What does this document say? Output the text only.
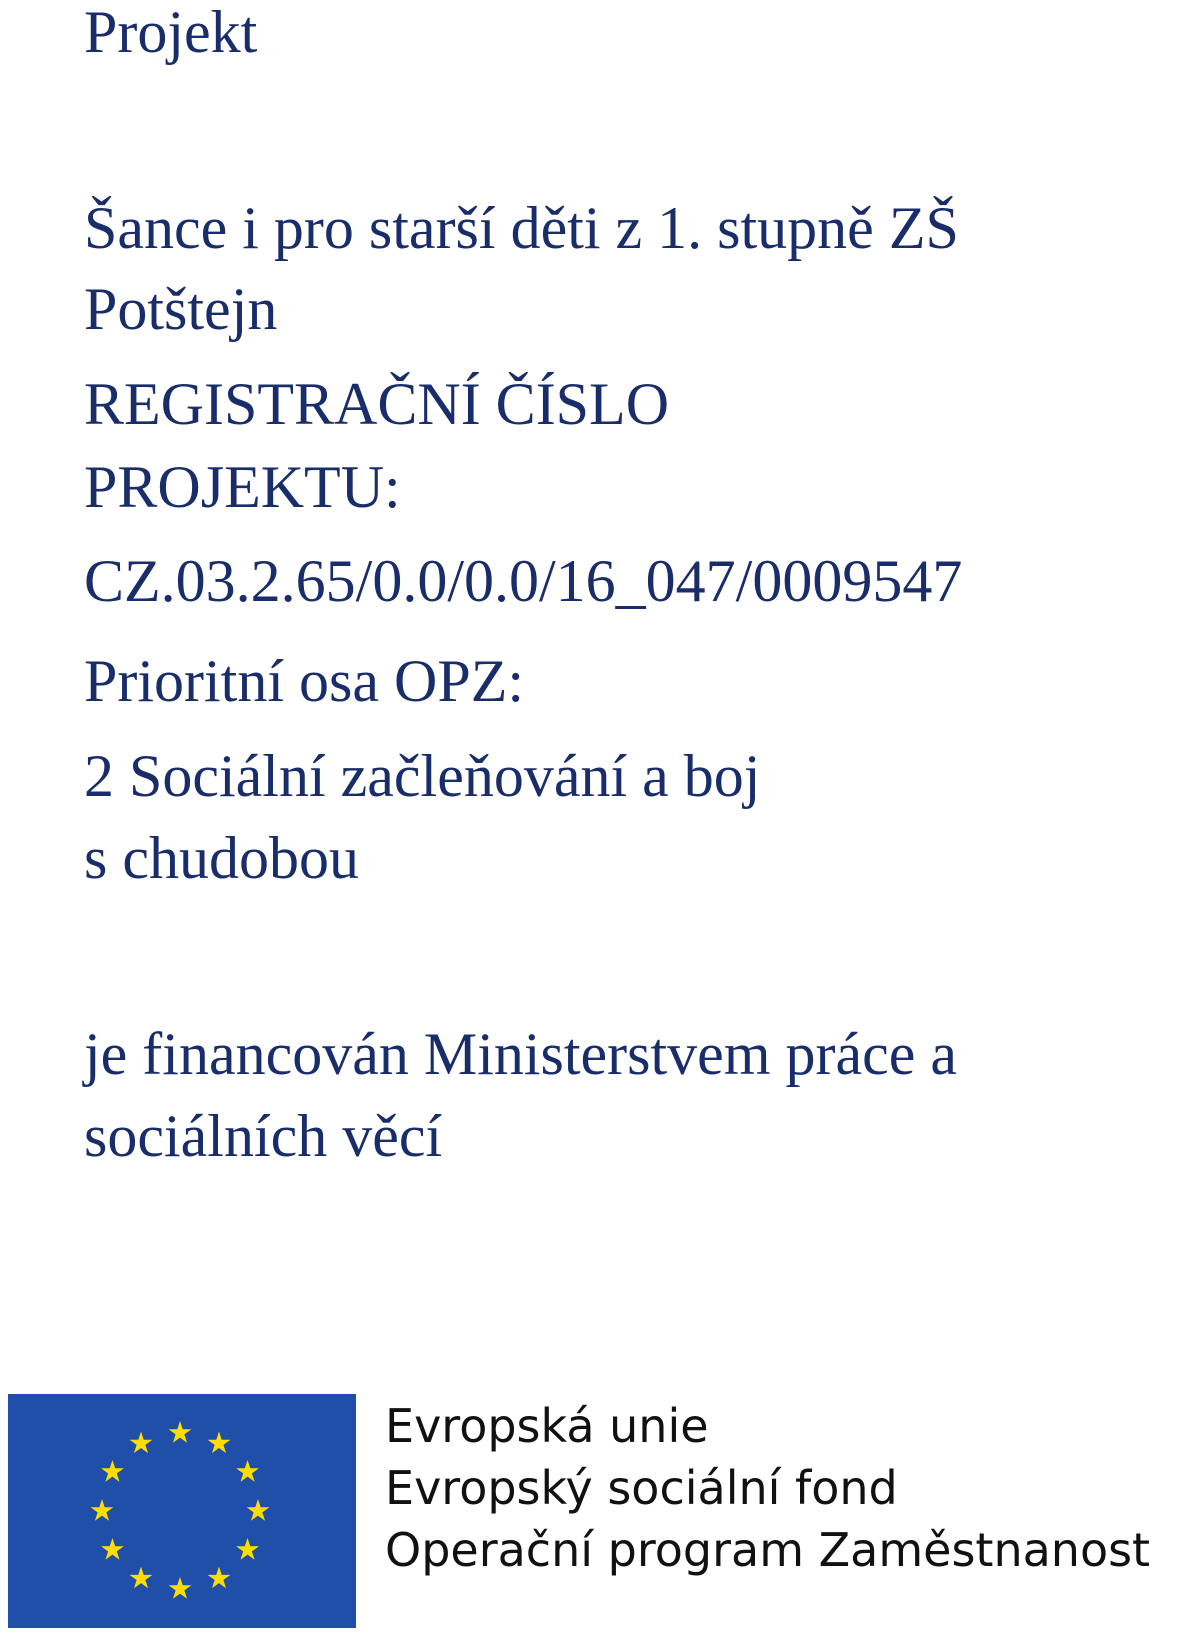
Projekt

Šance i pro starší děti z 1. stupně ZŠ

Potštejn

REGISTRAČNÍ ČÍSLO

PROJEKTU:

CZ.03.2.65/0.0/0.0/16_047/0009547

Prioritní osa OPZ:

2 Sociální začleňování a boj

s chudobou

je financován Ministerstvem práce a

sociálních věcí

Evropská unie
Evropský sociální fond
Operační program Zaměstnanost
